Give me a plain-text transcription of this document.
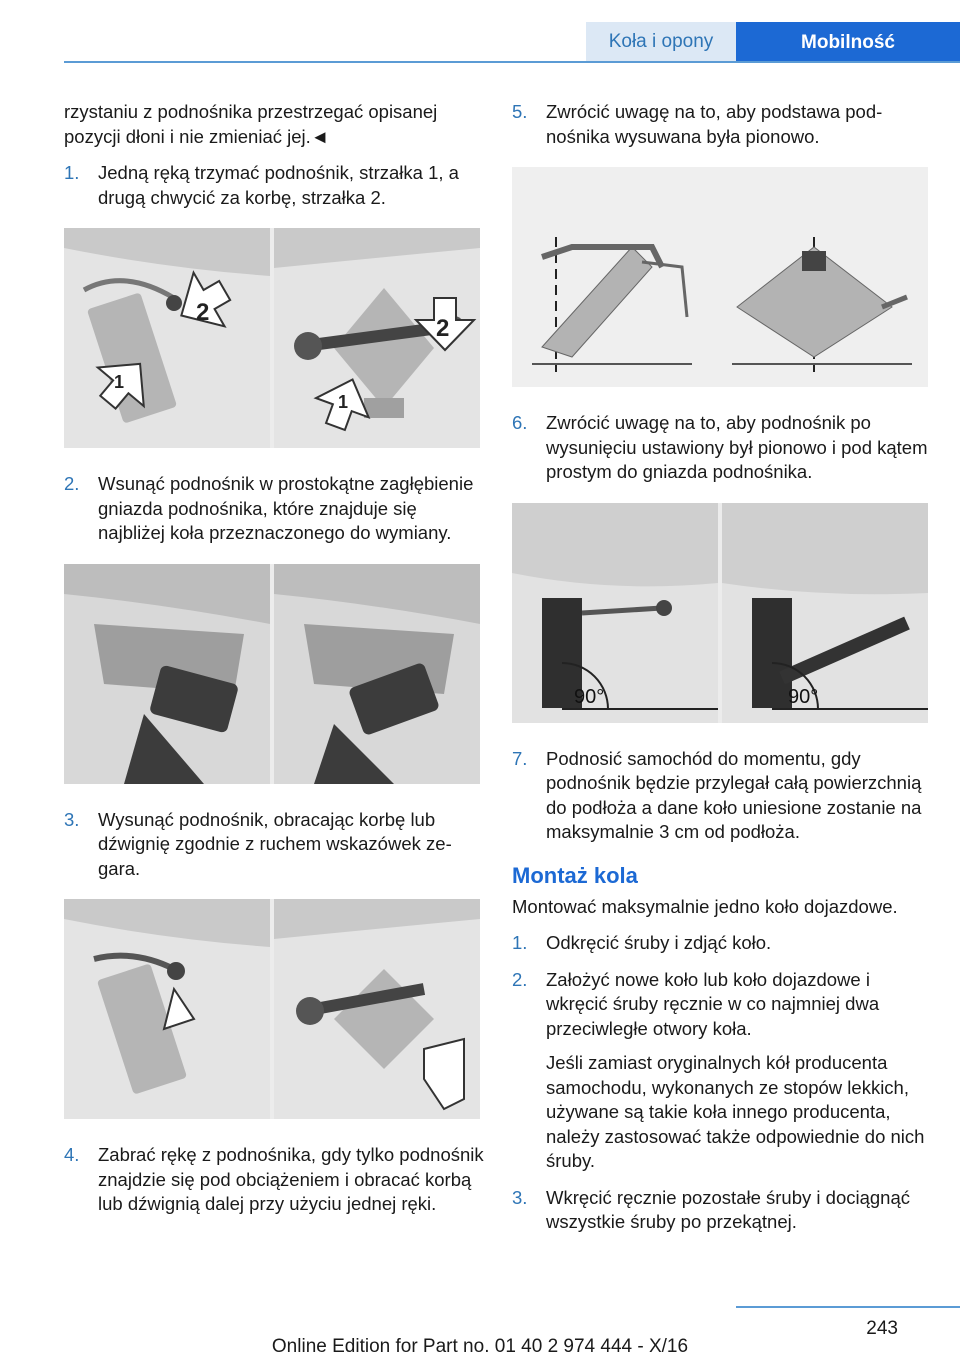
Koła i opony	Mobilność

rzystaniu z podnośnika przestrzegać opisanej pozycji dłoni i nie zmieniać jej.◄

1.	Jedną ręką trzymać podnośnik, strzałka 1, a drugą chwycić za korbę, strzałka 2.
2
1
2
1
2.	Wsunąć podnośnik w prostokątne zagłębienie gniazda podnośnika, które znajduje się najbliżej koła przeznaczonego do wymiany.
3.	Wysunąć podnośnik, obracając korbę lub dźwignię zgodnie z ruchem wskazówek zegara.
4.	Zabrać rękę z podnośnika, gdy tylko podnośnik znajdzie się pod obciążeniem i obracać korbą lub dźwignią dalej przy użyciu jednej ręki.
5.	Zwrócić uwagę na to, aby podstawa podnośnika wysuwana była pionowo.
6.	Zwrócić uwagę na to, aby podnośnik po wysunięciu ustawiony był pionowo i pod kątem prostym do gniazda podnośnika.
90°	90°
7.	Podnosić samochód do momentu, gdy podnośnik będzie przylegał całą powierzchnią do podłoża a dane koło uniesione zostanie na maksymalnie 3 cm od podłoża.
Montaż kola

Montować maksymalnie jedno koło dojazdowe.

1.	Odkręcić śruby i zdjąć koło.
2.	Założyć nowe koło lub koło dojazdowe i wkręcić śruby ręcznie w co najmniej dwa przeciwległe otwory koła.
Jeśli zamiast oryginalnych kół producenta samochodu, wykonanych ze stopów lekkich, używane są takie koła innego producenta, należy zastosować także odpowiednie do nich śruby.
3.	Wkręcić ręcznie pozostałe śruby i dociągnąć wszystkie śruby po przekątnej.
243
Online Edition for Part no. 01 40 2 974 444 - X/16
